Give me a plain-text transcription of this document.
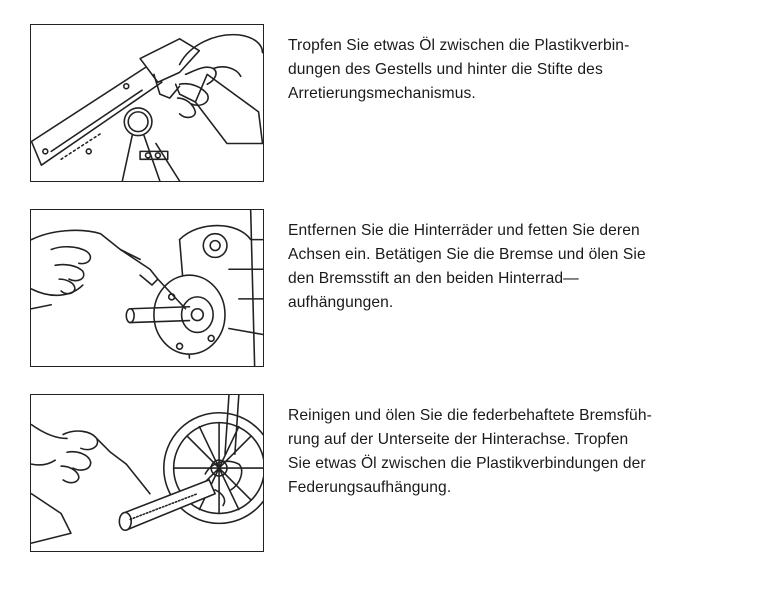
Tropfen Sie etwas Öl zwischen die Plastikverbin-
dungen des Gestells und hinter die Stifte des
Arretierungsmechanismus.
Entfernen Sie die Hinterräder und fetten Sie deren
Achsen ein. Betätigen Sie die Bremse und ölen Sie
den Bremsstift an den beiden Hinterrad—
aufhängungen.
Reinigen und ölen Sie die federbehaftete Bremsfüh-
rung auf der Unterseite der Hinterachse. Tropfen
Sie etwas Öl zwischen die Plastikverbindungen der
Federungsaufhängung.
